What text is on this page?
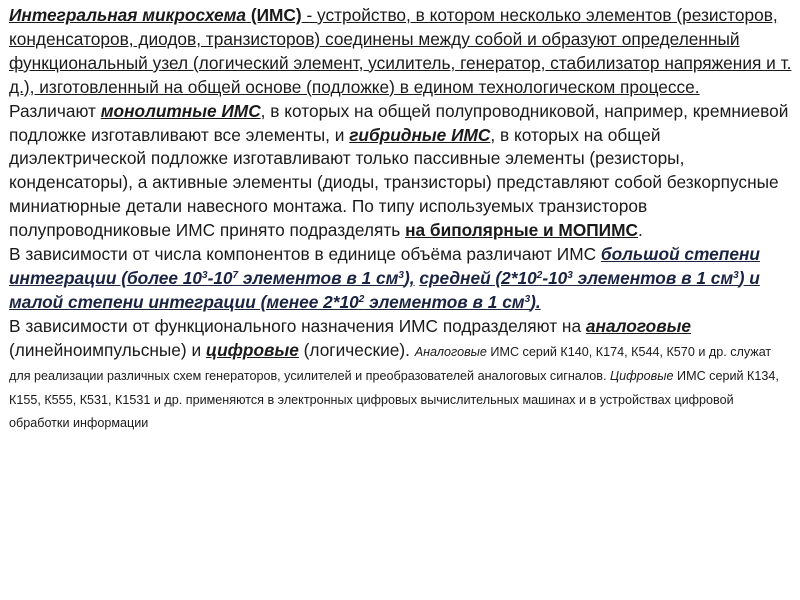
Интегральная микросхема (ИМС) - устройство, в котором несколько элементов (резисторов, конденсаторов, диодов, транзисторов) соединены между собой и образуют определенный функциональный узел (логический элемент, усилитель, генератор, стабилизатор напряжения и т. д.), изготовленный на общей основе (подложке) в едином технологическом процессе.

Различают монолитные ИМС, в которых на общей полупроводниковой, например, кремниевой подложке изготавливают все элементы, и гибридные ИМС, в которых на общей диэлектрической подложке изготавливают только пассивные элементы (резисторы, конденсаторы), а активные элементы (диоды, транзисторы) представляют собой безкорпусные миниатюрные детали навесного монтажа. По типу используемых транзисторов полупроводниковые ИМС принято подразделять на биполярные и МОПИМС.

В зависимости от числа компонентов в единице объёма различают ИМС большой степени интеграции (более $10^3-10^7$ элементов в 1 $см^3$), средней ($2*10^2-10^3$ элементов в 1 $см^3$) и малой степени интеграции (менее $2*10^2$ элементов в 1 $см^3$).

В зависимости от функционального назначения ИМС подразделяют на аналоговые (линейноимпульсные) и цифровые (логические). Аналоговые ИМС серий К140, К174, К544, К570 и др. служат для реализации различных схем генераторов, усилителей и преобразователей аналоговых сигналов. Цифровые ИМС серий К134, К155, К555, К531, К1531 и др. применяются в электронных цифровых вычислительных машинах и в устройствах цифровой обработки информации
